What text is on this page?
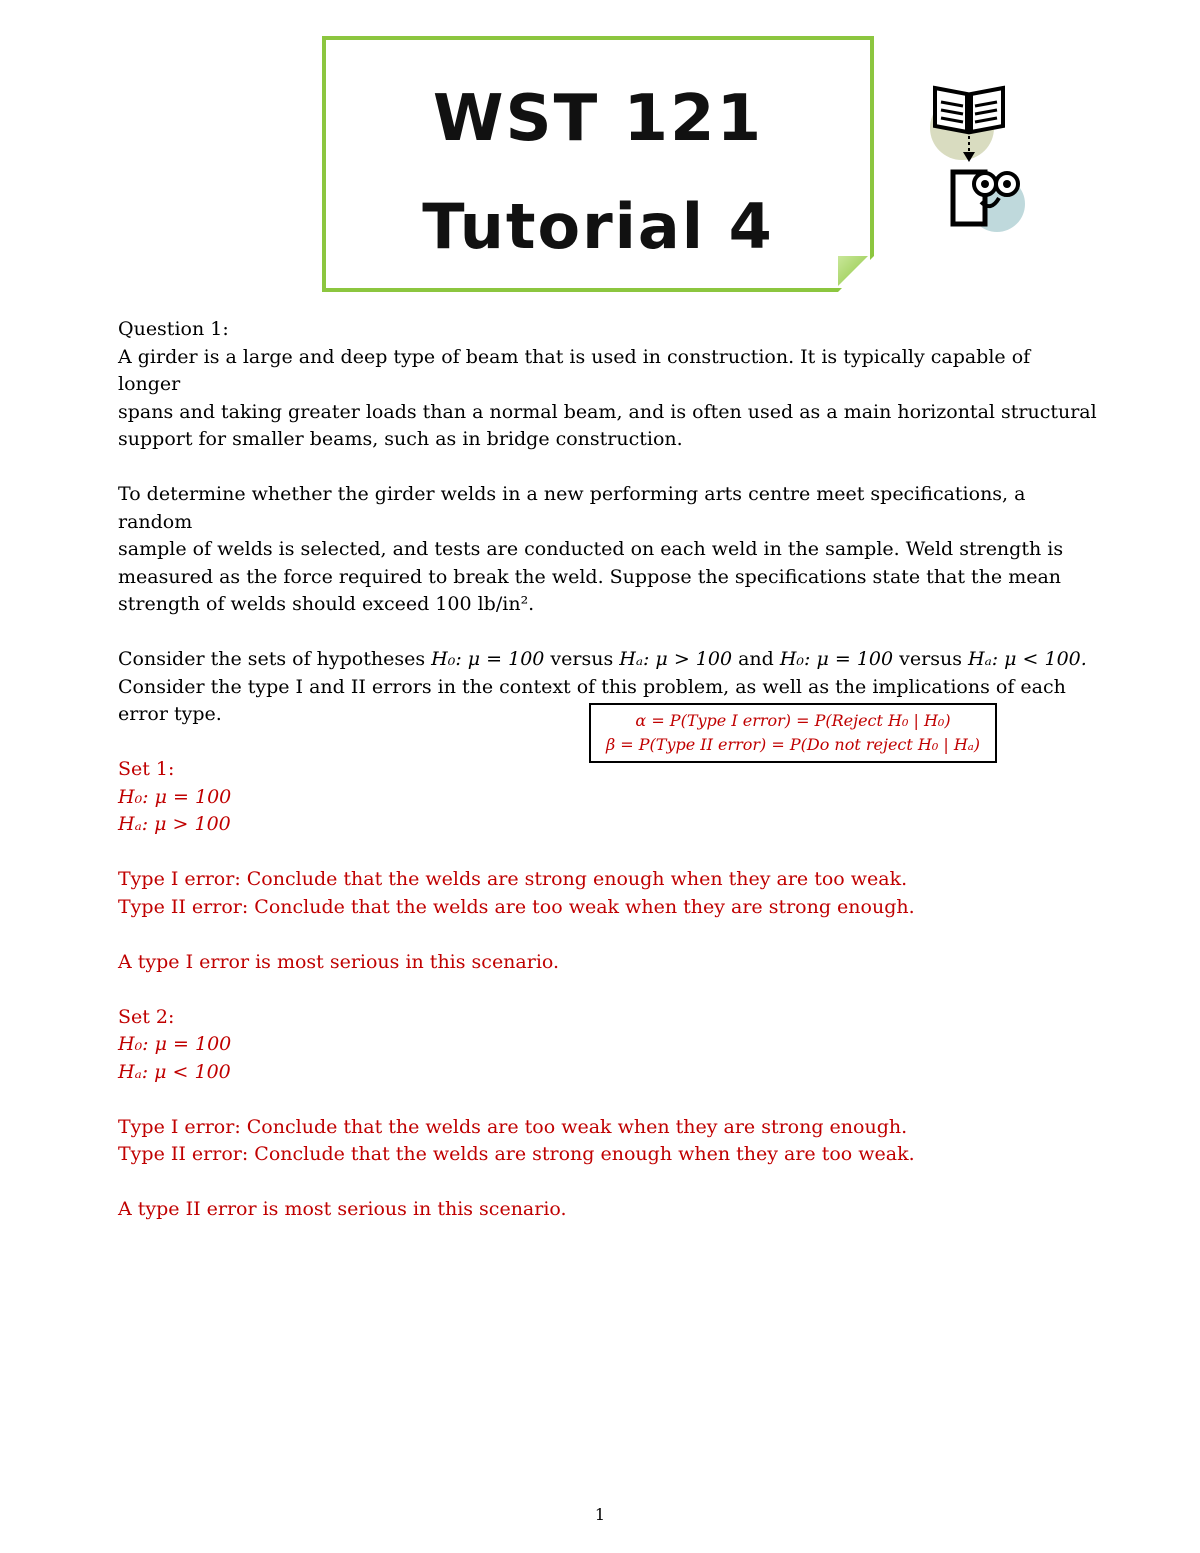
WST 121
Tutorial 4

Question 1:

A girder is a large and deep type of beam that is used in construction. It is typically capable of longer

spans and taking greater loads than a normal beam, and is often used as a main horizontal structural

support for smaller beams, such as in bridge construction.

To determine whether the girder welds in a new performing arts centre meet specifications, a random

sample of welds is selected, and tests are conducted on each weld in the sample. Weld strength is

measured as the force required to break the weld. Suppose the specifications state that the mean

strength of welds should exceed 100 lb/in².

Consider the sets of hypotheses H₀: μ = 100 versus Hₐ: μ > 100 and H₀: μ = 100 versus Hₐ: μ < 100.

Consider the type I and II errors in the context of this problem, as well as the implications of each

error type.

Set 1:

H₀: μ = 100

Hₐ: μ > 100

Type I error: Conclude that the welds are strong enough when they are too weak.

Type II error: Conclude that the welds are too weak when they are strong enough.

A type I error is most serious in this scenario.

Set 2:

H₀: μ = 100

Hₐ: μ < 100

Type I error: Conclude that the welds are too weak when they are strong enough.

Type II error: Conclude that the welds are strong enough when they are too weak.

A type II error is most serious in this scenario.

α = P(Type I error) = P(Reject H₀ | H₀)
β = P(Type II error) = P(Do not reject H₀ | Hₐ)
1
